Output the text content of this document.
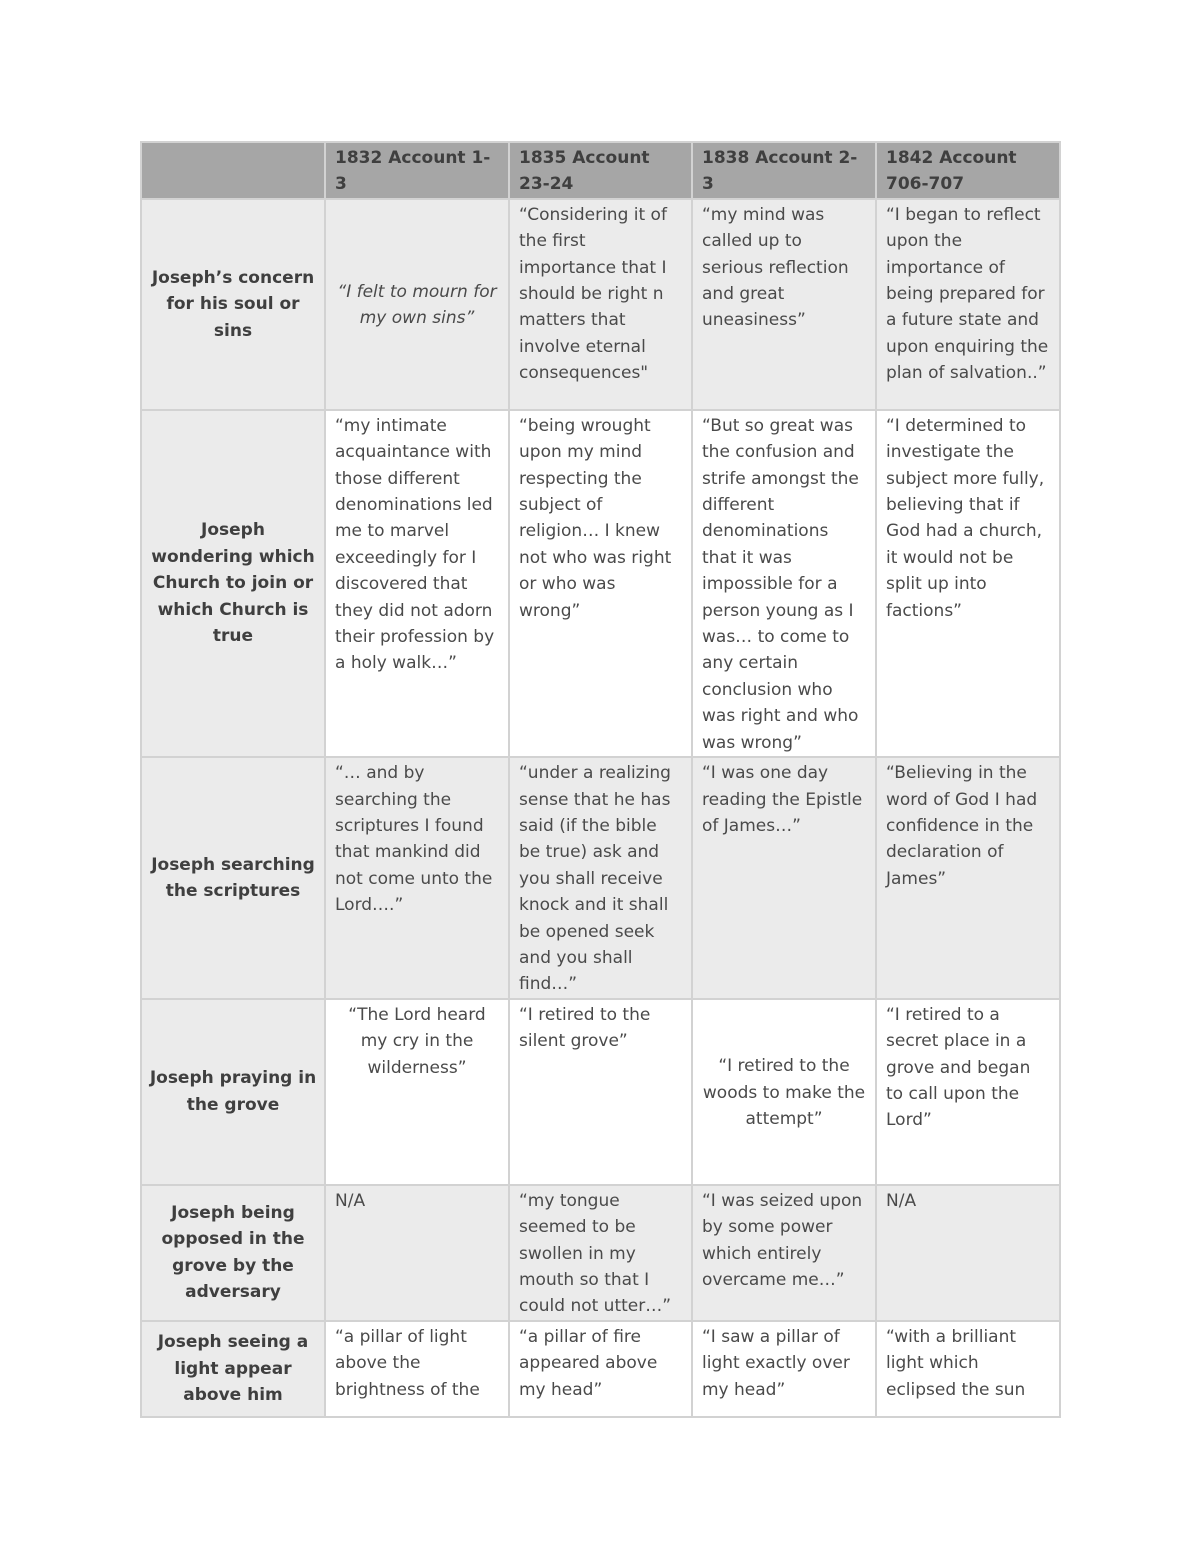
	1832 Account 1-3	1835 Account 23-24	1838 Account 2-3	1842 Account 706-707
Joseph’s concern for his soul or sins	“I felt to mourn for my own sins”	“Considering it of the first importance that I should be right n matters that involve eternal consequences"	“my mind was called up to serious reflection and great uneasiness”	“I began to reflect upon the importance of being prepared for a future state and upon enquiring the plan of salvation..”
Joseph wondering which Church to join or which Church is true	“my intimate acquaintance with those different denominations led me to marvel exceedingly for I discovered that they did not adorn their profession by a holy walk…”	“being wrought upon my mind respecting the subject of religion… I knew not who was right or who was wrong”	“But so great was the confusion and strife amongst the different denominations that it was impossible for a person young as I was… to come to any certain conclusion who was right and who was wrong”	“I determined to investigate the subject more fully, believing that if God had a church, it would not be split up into factions”
Joseph searching the scriptures	“… and by searching the scriptures I found that mankind did not come unto the Lord….”	“under a realizing sense that he has said (if the bible be true) ask and you shall receive knock and it shall be opened seek and you shall find…”	“I was one day reading the Epistle of James…”	“Believing in the word of God I had confidence in the declaration of James”
Joseph praying in the grove	“The Lord heard my cry in the wilderness”	“I retired to the silent grove”	“I retired to the woods to make the attempt”	“I retired to a secret place in a grove and began to call upon the Lord”
Joseph being opposed in the grove by the adversary	N/A	“my tongue seemed to be swollen in my mouth so that I could not utter…”	“I was seized upon by some power which entirely overcame me…”	N/A
Joseph seeing a light appear above him	“a pillar of light above the brightness of the	“a pillar of fire appeared above my head”	“I saw a pillar of light exactly over my head”	“with a brilliant light which eclipsed the sun
